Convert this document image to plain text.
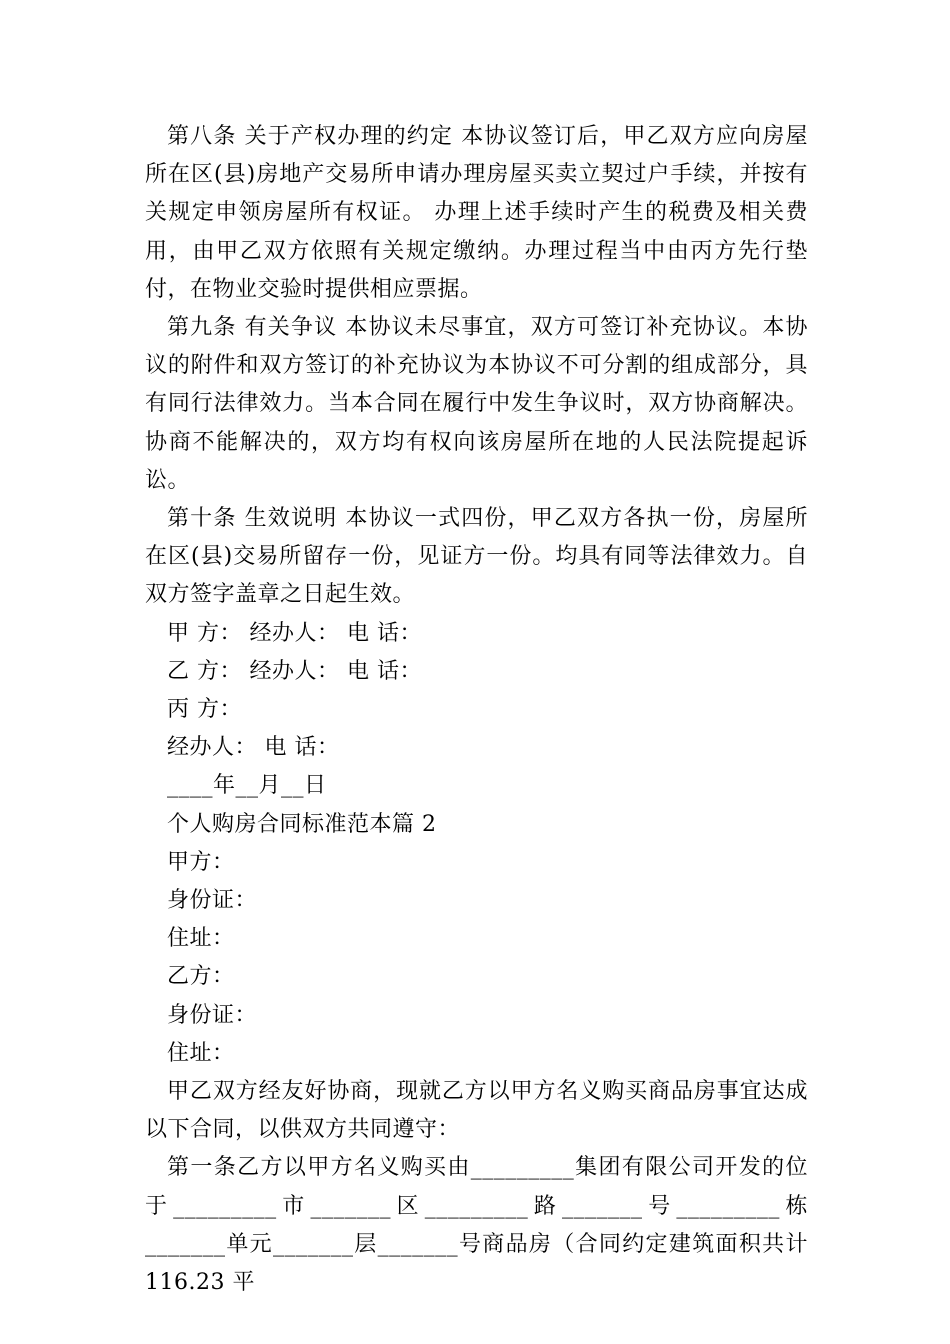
第八条 关于产权办理的约定 本协议签订后，甲乙双方应向房屋所在区(县)房地产交易所申请办理房屋买卖立契过户手续，并按有关规定申领房屋所有权证。 办理上述手续时产生的税费及相关费用，由甲乙双方依照有关规定缴纳。办理过程当中由丙方先行垫付，在物业交验时提供相应票据。

第九条 有关争议 本协议未尽事宜，双方可签订补充协议。本协议的附件和双方签订的补充协议为本协议不可分割的组成部分，具有同行法律效力。当本合同在履行中发生争议时，双方协商解决。协商不能解决的，双方均有权向该房屋所在地的人民法院提起诉讼。

第十条 生效说明 本协议一式四份，甲乙双方各执一份，房屋所在区(县)交易所留存一份，见证方一份。均具有同等法律效力。自双方签字盖章之日起生效。

甲 方： 经办人： 电 话：
乙 方： 经办人： 电 话：
丙 方：
经办人： 电 话：
____年__月__日
个人购房合同标准范本篇 2
甲方：
身份证：
住址：
乙方：
身份证：
住址：

甲乙双方经友好协商，现就乙方以甲方名义购买商品房事宜达成以下合同，以供双方共同遵守：

第一条乙方以甲方名义购买由_________集团有限公司开发的位于_________市_______区_________路_______号_________栋_______单元_______层_______号商品房（合同约定建筑面积共计 116.23 平
